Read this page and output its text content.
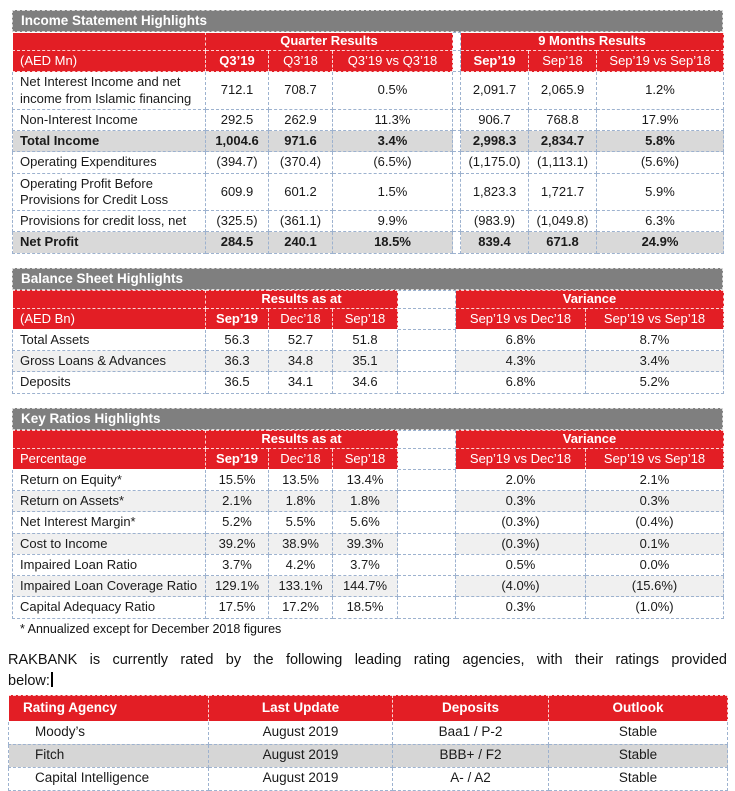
Income Statement Highlights
	Quarter Results				9 Months Results		
(AED Mn)	Q3’19	Q3’18	Q3’19 vs Q3’18		Sep’19	Sep’18	Sep’19 vs Sep’18
Net Interest Income and net income from Islamic financing	712.1	708.7	0.5%		2,091.7	2,065.9	1.2%
Non-Interest Income	292.5	262.9	11.3%		906.7	768.8	17.9%
Total Income	1,004.6	971.6	3.4%		2,998.3	2,834.7	5.8%
Operating Expenditures	(394.7)	(370.4)	(6.5%)		(1,175.0)	(1,113.1)	(5.6%)
Operating Profit Before Provisions for Credit Loss	609.9	601.2	1.5%		1,823.3	1,721.7	5.9%
Provisions for credit loss, net	(325.5)	(361.1)	9.9%		(983.9)	(1,049.8)	6.3%
Net Profit	284.5	240.1	18.5%		839.4	671.8	24.9%
Balance Sheet Highlights
	Results as at				Variance	
(AED Bn)	Sep’19	Dec’18	Sep’18		Sep’19 vs Dec’18	Sep’19 vs Sep’18
Total Assets	56.3	52.7	51.8		6.8%	8.7%
Gross Loans & Advances	36.3	34.8	35.1		4.3%	3.4%
Deposits	36.5	34.1	34.6		6.8%	5.2%
Key Ratios Highlights
	Results as at				Variance	
Percentage	Sep’19	Dec’18	Sep’18		Sep’19 vs Dec’18	Sep’19 vs Sep’18
Return on Equity*	15.5%	13.5%	13.4%		2.0%	2.1%
Return on Assets*	2.1%	1.8%	1.8%		0.3%	0.3%
Net Interest Margin*	5.2%	5.5%	5.6%		(0.3%)	(0.4%)
Cost to Income	39.2%	38.9%	39.3%		(0.3%)	0.1%
Impaired Loan Ratio	3.7%	4.2%	3.7%		0.5%	0.0%
Impaired Loan Coverage Ratio	129.1%	133.1%	144.7%		(4.0%)	(15.6%)
Capital Adequacy Ratio	17.5%	17.2%	18.5%		0.3%	(1.0%)
* Annualized except for December 2018 figures
RAKBANK is currently rated by the following leading rating agencies, with their ratings provided
below:
Rating Agency	Last Update	Deposits	Outlook
Moody’s	August 2019	Baa1 / P-2	Stable
Fitch	August 2019	BBB+ / F2	Stable
Capital Intelligence	August 2019	A- / A2	Stable
